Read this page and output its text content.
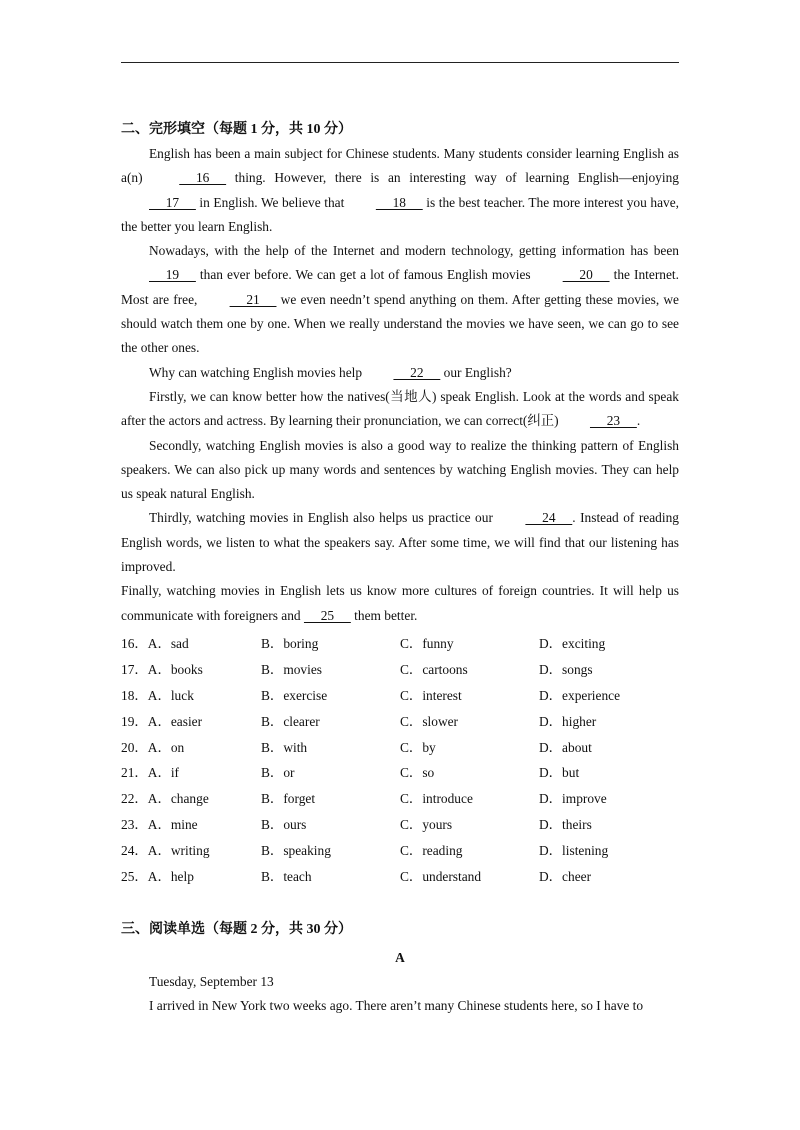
二、完形填空（每题 1 分，共 10 分）

English has been a main subject for Chinese students. Many students consider learning English as a(n)      16      thing. However, there is an interesting way of learning English—enjoying      17      in English. We believe that      18      is the best teacher. The more interest you have, the better you learn English.

Nowadays, with the help of the Internet and modern technology, getting information has been      19      than ever before. We can get a lot of famous English movies      20      the Internet. Most are free,      21      we even needn’t spend anything on them. After getting these movies, we should watch them one by one. When we really understand the movies we have seen, we can go to see the other ones.

Why can watching English movies help      22      our English?

Firstly, we can know better how the natives(当地人) speak English. Look at the words and speak after the actors and actress. By learning their pronunciation, we can correct(纠正)      23     .

Secondly, watching English movies is also a good way to realize the thinking pattern of English speakers. We can also pick up many words and sentences by watching English movies. They can help us speak natural English.

Thirdly, watching movies in English also helps us practice our      24     . Instead of reading English words, we listen to what the speakers say. After some time, we will find that our listening has improved.

Finally, watching movies in English lets us know more cultures of foreign countries. It will help us communicate with foreigners and      25      them better.

16．A．sad	B．boring	C．funny	D．exciting
17．A．books	B．movies	C．cartoons	D．songs
18．A．luck	B．exercise	C．interest	D．experience
19．A．easier	B．clearer	C．slower	D．higher
20．A．on	B．with	C．by	D．about
21．A．if	B．or	C．so	D．but
22．A．change	B．forget	C．introduce	D．improve
23．A．mine	B．ours	C．yours	D．theirs
24．A．writing	B．speaking	C．reading	D．listening
25．A．help	B．teach	C．understand	D．cheer

三、阅读单选（每题 2 分，共 30 分）

A

Tuesday, September 13

I arrived in New York two weeks ago. There aren’t many Chinese students here, so I have to
